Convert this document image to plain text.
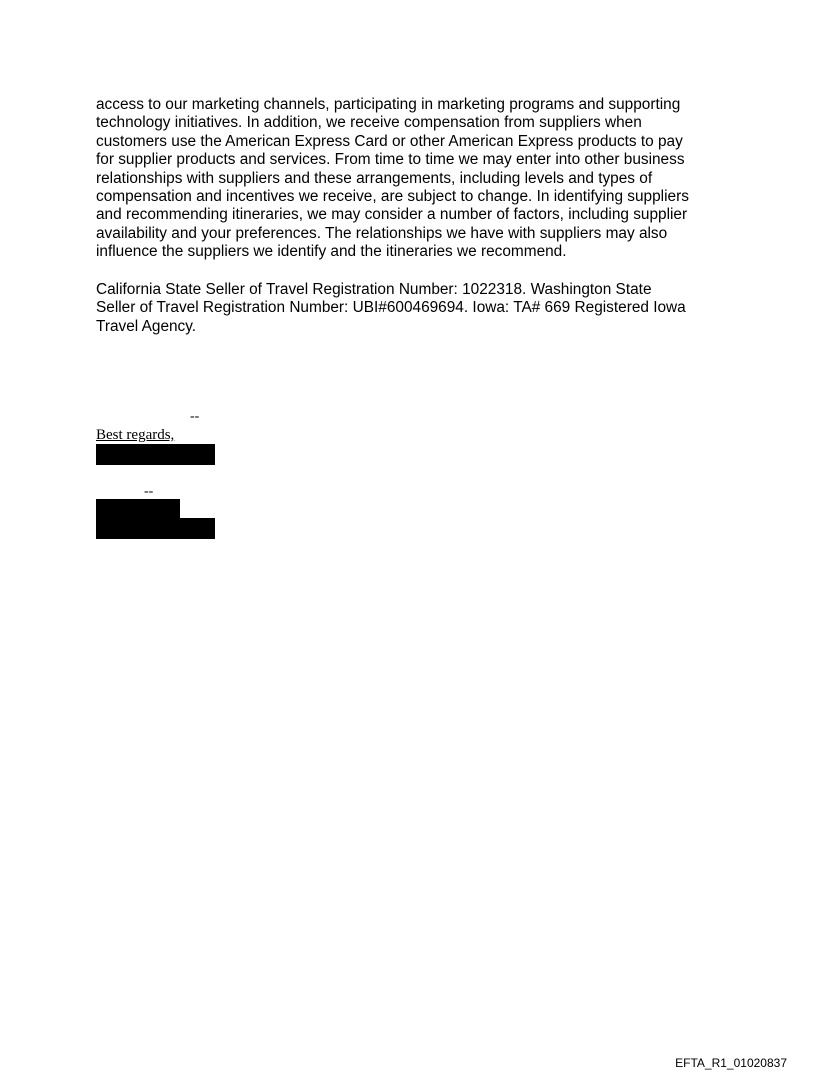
access to our marketing channels, participating in marketing programs and supporting
technology initiatives. In addition, we receive compensation from suppliers when
customers use the American Express Card or other American Express products to pay
for supplier products and services. From time to time we may enter into other business
relationships with suppliers and these arrangements, including levels and types of
compensation and incentives we receive, are subject to change. In identifying suppliers
and recommending itineraries, we may consider a number of factors, including supplier
availability and your preferences. The relationships we have with suppliers may also
influence the suppliers we identify and the itineraries we recommend.

California State Seller of Travel Registration Number: 1022318. Washington State
Seller of Travel Registration Number: UBI#600469694. Iowa: TA# 669 Registered Iowa
Travel Agency.

--
Best regards,
--
EFTA_R1_01020837
